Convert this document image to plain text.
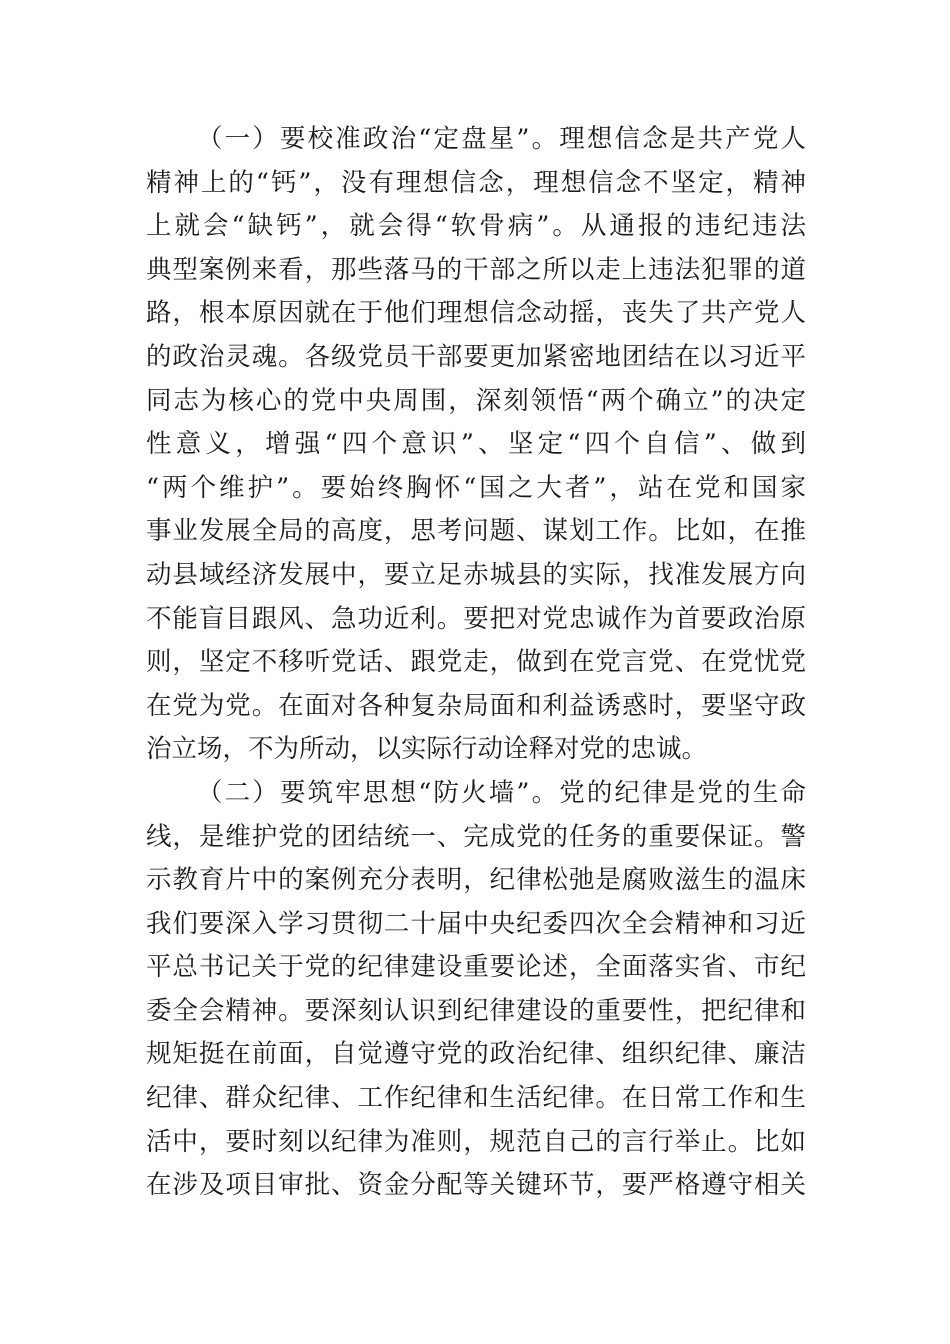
（一）要校准政治“定盘星”。理想信念是共产党人
精神上的“钙”，没有理想信念，理想信念不坚定，精神
上就会“缺钙”，就会得“软骨病”。从通报的违纪违法
典型案例来看，那些落马的干部之所以走上违法犯罪的道
路，根本原因就在于他们理想信念动摇，丧失了共产党人
的政治灵魂。各级党员干部要更加紧密地团结在以习近平
同志为核心的党中央周围，深刻领悟“两个确立”的决定
性意义，增强“四个意识”、坚定“四个自信”、做到
“两个维护”。要始终胸怀“国之大者”，站在党和国家
事业发展全局的高度，思考问题、谋划工作。比如，在推
动县域经济发展中，要立足赤城县的实际，找准发展方向
不能盲目跟风、急功近利。要把对党忠诚作为首要政治原
则，坚定不移听党话、跟党走，做到在党言党、在党忧党
在党为党。在面对各种复杂局面和利益诱惑时，要坚守政
治立场，不为所动，以实际行动诠释对党的忠诚。
（二）要筑牢思想“防火墙”。党的纪律是党的生命
线，是维护党的团结统一、完成党的任务的重要保证。警
示教育片中的案例充分表明，纪律松弛是腐败滋生的温床
我们要深入学习贯彻二十届中央纪委四次全会精神和习近
平总书记关于党的纪律建设重要论述，全面落实省、市纪
委全会精神。要深刻认识到纪律建设的重要性，把纪律和
规矩挺在前面，自觉遵守党的政治纪律、组织纪律、廉洁
纪律、群众纪律、工作纪律和生活纪律。在日常工作和生
活中，要时刻以纪律为准则，规范自己的言行举止。比如
在涉及项目审批、资金分配等关键环节，要严格遵守相关
